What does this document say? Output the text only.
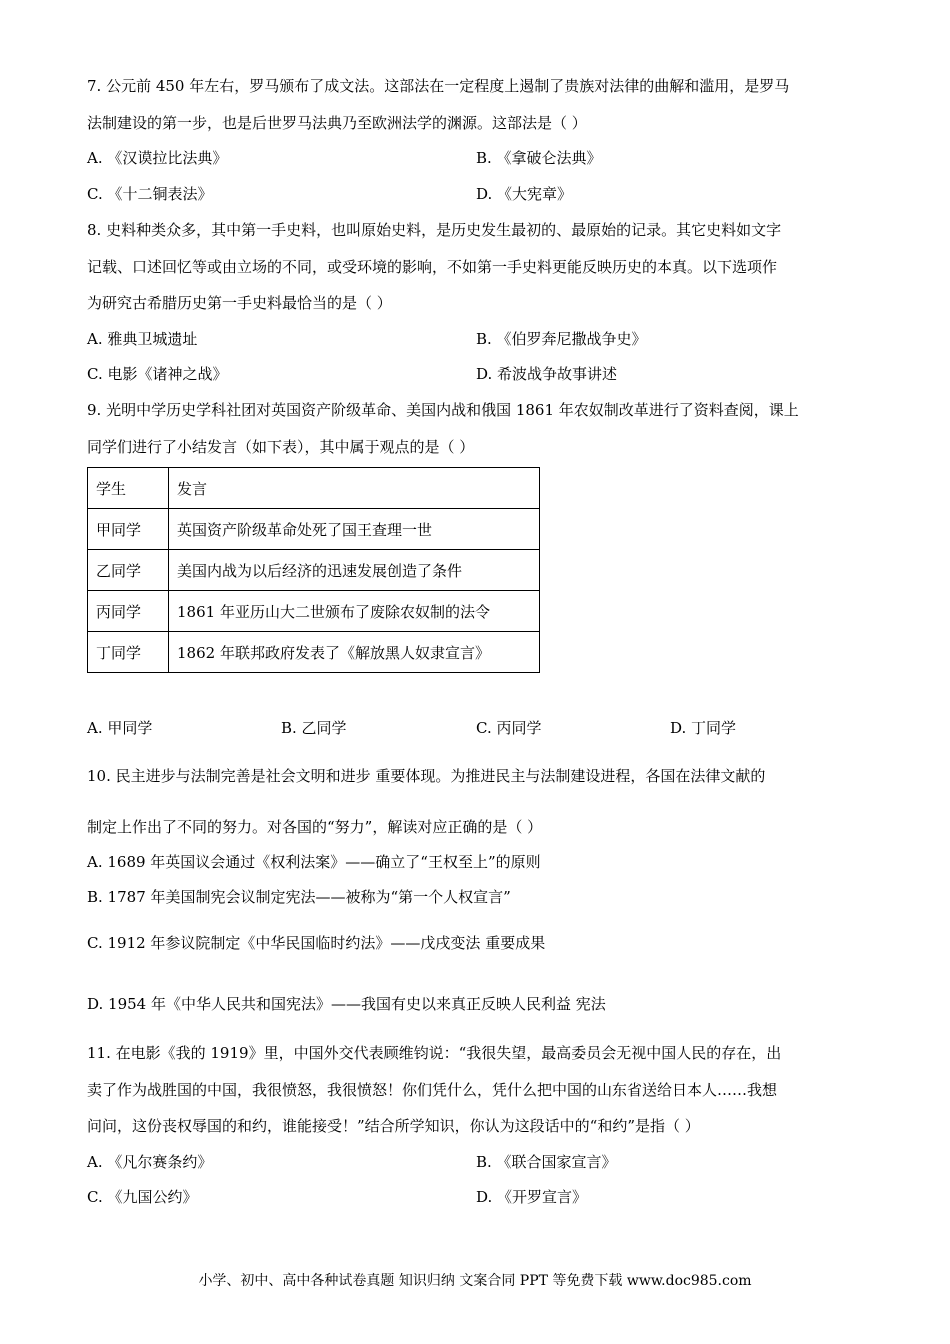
7. 公元前 450 年左右，罗马颁布了成文法。这部法在一定程度上遏制了贵族对法律的曲解和滥用，是罗马
法制建设的第一步，也是后世罗马法典乃至欧洲法学的渊源。这部法是（ ）
A. 《汉谟拉比法典》	B. 《拿破仑法典》
C. 《十二铜表法》	D. 《大宪章》
8. 史料种类众多，其中第一手史料，也叫原始史料，是历史发生最初的、最原始的记录。其它史料如文字
记载、口述回忆等或由立场的不同，或受环境的影响，不如第一手史料更能反映历史的本真。以下选项作
为研究古希腊历史第一手史料最恰当的是（ ）
A. 雅典卫城遗址	B. 《伯罗奔尼撒战争史》
C. 电影《诸神之战》	D. 希波战争故事讲述
9. 光明中学历史学科社团对英国资产阶级革命、美国内战和俄国 1861 年农奴制改革进行了资料查阅，课上
同学们进行了小结发言（如下表），其中属于观点的是（ ）
学生	发言
甲同学	英国资产阶级革命处死了国王查理一世
乙同学	美国内战为以后经济的迅速发展创造了条件
丙同学	1861 年亚历山大二世颁布了废除农奴制的法令
丁同学	1862 年联邦政府发表了《解放黑人奴隶宣言》
A. 甲同学	B. 乙同学	C. 丙同学	D. 丁同学
10. 民主进步与法制完善是社会文明和进步 重要体现。为推进民主与法制建设进程，各国在法律文献的
制定上作出了不同的努力。对各国的“努力”，解读对应正确的是（ ）
A. 1689 年英国议会通过《权利法案》——确立了“王权至上”的原则
B. 1787 年美国制宪会议制定宪法——被称为“第一个人权宣言”
C. 1912 年参议院制定《中华民国临时约法》——戊戌变法 重要成果
D. 1954 年《中华人民共和国宪法》——我国有史以来真正反映人民利益 宪法
11. 在电影《我的 1919》里，中国外交代表顾维钧说：“我很失望，最高委员会无视中国人民的存在，出
卖了作为战胜国的中国，我很愤怒，我很愤怒！你们凭什么，凭什么把中国的山东省送给日本人……我想
问问，这份丧权辱国的和约，谁能接受！”结合所学知识，你认为这段话中的“和约”是指（ ）
A. 《凡尔赛条约》	B. 《联合国家宣言》
C. 《九国公约》	D. 《开罗宣言》
小学、初中、高中各种试卷真题 知识归纳 文案合同 PPT 等免费下载 www.doc985.com
